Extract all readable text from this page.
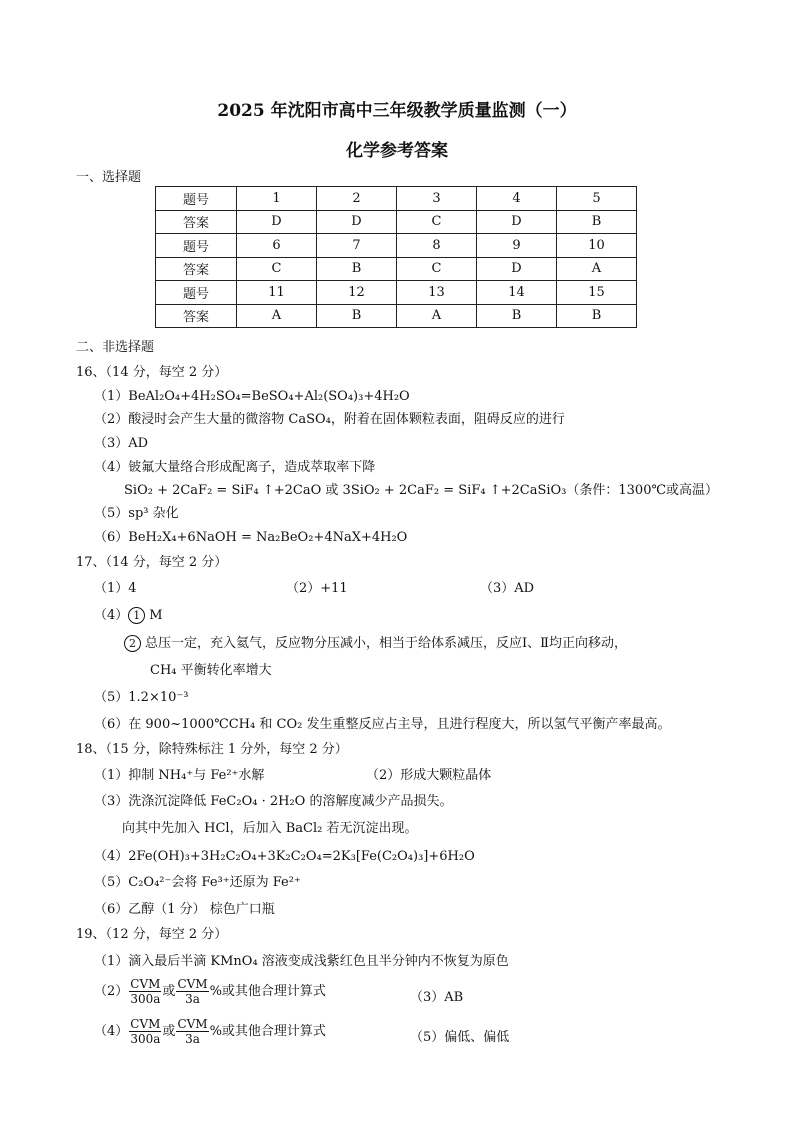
2025 年沈阳市高中三年级教学质量监测（一）
化学参考答案
一、选择题
题号	1	2	3	4	5
答案	D	D	C	D	B
题号	6	7	8	9	10
答案	C	B	C	D	A
题号	11	12	13	14	15
答案	A	B	A	B	B
二、非选择题
16、（14 分，每空 2 分）
（1）BeAl₂O₄+4H₂SO₄=BeSO₄+Al₂(SO₄)₃+4H₂O
（2）酸浸时会产生大量的微溶物 CaSO₄，附着在固体颗粒表面，阻碍反应的进行
（3）AD
（4）铍氟大量络合形成配离子，造成萃取率下降
SiO₂ + 2CaF₂ = SiF₄ ↑+2CaO 或 3SiO₂ + 2CaF₂ = SiF₄ ↑+2CaSiO₃（条件：1300℃或高温）
（5）sp³ 杂化
（6）BeH₂X₄+6NaOH = Na₂BeO₂+4NaX+4H₂O
17、（14 分，每空 2 分）
（1）4	（2）+11	（3）AD
（4） 1 M
2 总压一定，充入氦气，反应物分压减小，相当于给体系减压，反应Ⅰ、Ⅱ均正向移动，
CH₄ 平衡转化率增大
（5）1.2×10⁻³
（6）在 900~1000℃CH₄ 和 CO₂ 发生重整反应占主导，且进行程度大，所以氢气平衡产率最高。
18、（15 分，除特殊标注 1 分外，每空 2 分）
（1）抑制 NH₄⁺与 Fe²⁺水解	（2）形成大颗粒晶体
（3）洗涤沉淀降低 FeC₂O₄ · 2H₂O 的溶解度减少产品损失。
向其中先加入 HCl，后加入 BaCl₂ 若无沉淀出现。
（4）2Fe(OH)₃+3H₂C₂O₄+3K₂C₂O₄=2K₃[Fe(C₂O₄)₃]+6H₂O
（5）C₂O₄²⁻会将 Fe³⁺还原为 Fe²⁺
（6）乙醇（1 分） 棕色广口瓶
19、（12 分，每空 2 分）
（1）滴入最后半滴 KMnO₄ 溶液变成浅紫红色且半分钟内不恢复为原色
$(2) \frac{\text{CVM}}{300a}$ 或 $\frac{\text{CVM}}{3a}$ %或其他合理计算式	（3）AB
$(4) \frac{\text{CVM}}{300a}$ 或 $\frac{\text{CVM}}{3a}$ %或其他合理计算式	（5）偏低、偏低
